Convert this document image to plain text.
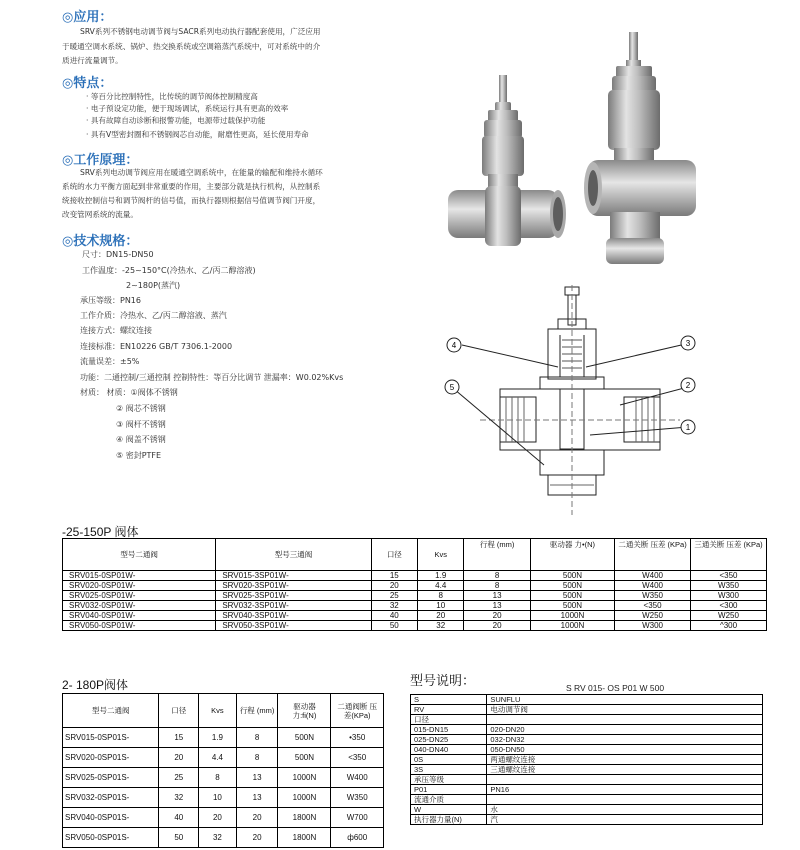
◎应用：
SRV系列不锈钢电动调节阀与SACR系列电动执行器配套使用，广泛应用
于暖通空调水系统、锅炉、热交换系统或空调箱蒸汽系统中，可对系统中的介
质进行流量调节。
◎特点：
· 等百分比控制特性，比传统的调节阀体控制精度高
· 电子预设定功能，便于现场调试，系统运行具有更高的效率
· 具有故障自动诊断和报警功能，电源带过载保护功能
· 具有V型密封圈和不锈钢阀芯自动能，耐磨性更高，延长使用寿命
◎工作原理：
SRV系列电动调节阀应用在暖通空调系统中，在能量的输配和维持水循环
系统的水力平衡方面起到非常重要的作用，主要部分就是执行机构，从控制系
统接收控制信号和调节阀杆的信号值，而执行器则根据信号值调节阀门开度，
改变管网系统的流量。
◎技术规格：
尺寸：DN15-DN50
工作温度：-25~150°C(冷热水、乙/丙二醇溶液)
2~180P(蒸汽)
承压等级：PN16
工作介质：冷热水、乙/丙二醇溶液、蒸汽
连接方式：螺纹连接
连接标准：EN10226 GB/T 7306.1-2000
流量误差：±5%
功能：二通控制/三通控制 控制特性：等百分比调节 泄漏率：W0.02%Kvs
材质： 材质：①阀体不锈钢
② 阀芯不锈钢
③ 阀杆不锈钢
④ 阀盖不锈钢
⑤ 密封PTFE
4	3
5	2
1
-25-150P 阀体
型号二通阀	型号三通阀	口径	Kvs	行程 (mm)	驱动器 力•(N)	二通关断 压差 (KPa)	三通关断 压差 (KPa)
SRV015-0SP01W-	SRV015-3SP01W-	15	1.9	8	500N	W400	<350
SRV020-0SP01W-	SRV020-3SP01W-	20	4.4	8	500N	W400	W350
SRV025-0SP01W-	SRV025-3SP01W-	25	8	13	500N	W350	W300
SRV032-0SP01W-	SRV032-3SP01W-	32	10	13	500N	<350	<300
SRV040-0SP01W-	SRV040-3SP01W-	40	20	20	1000N	W250	W250
SRV050-0SP01W-	SRV050-3SP01W-	50	32	20	1000N	W300	^300
2- 180P阀体
型号二通阀	口径	Kvs	行程 (mm)	驱动器 力:fi(N)	二通阀断 压 差(KPa)
SRV015-0SP01S-	15	1.9	8	500N	•350
SRV020-0SP01S-	20	4.4	8	500N	<350
SRV025-0SP01S-	25	8	13	1000N	W400
SRV032-0SP01S-	32	10	13	1000N	W350
SRV040-0SP01S-	40	20	20	1800N	W700
SRV050-0SP01S-	50	32	20	1800N	ф600
型号说明：	S RV 015- OS P01 W 500
S	SUNFLU
RV	电动调节阀
口径	
015-DN15	020-DN20
025-DN25	032-DN32
040-DN40	050-DN50
0S	两通螺纹连接
3S	三通螺纹连接
承压等级	
P01	PN16
流通介质	
W	水
执行器力量(N)	汽
